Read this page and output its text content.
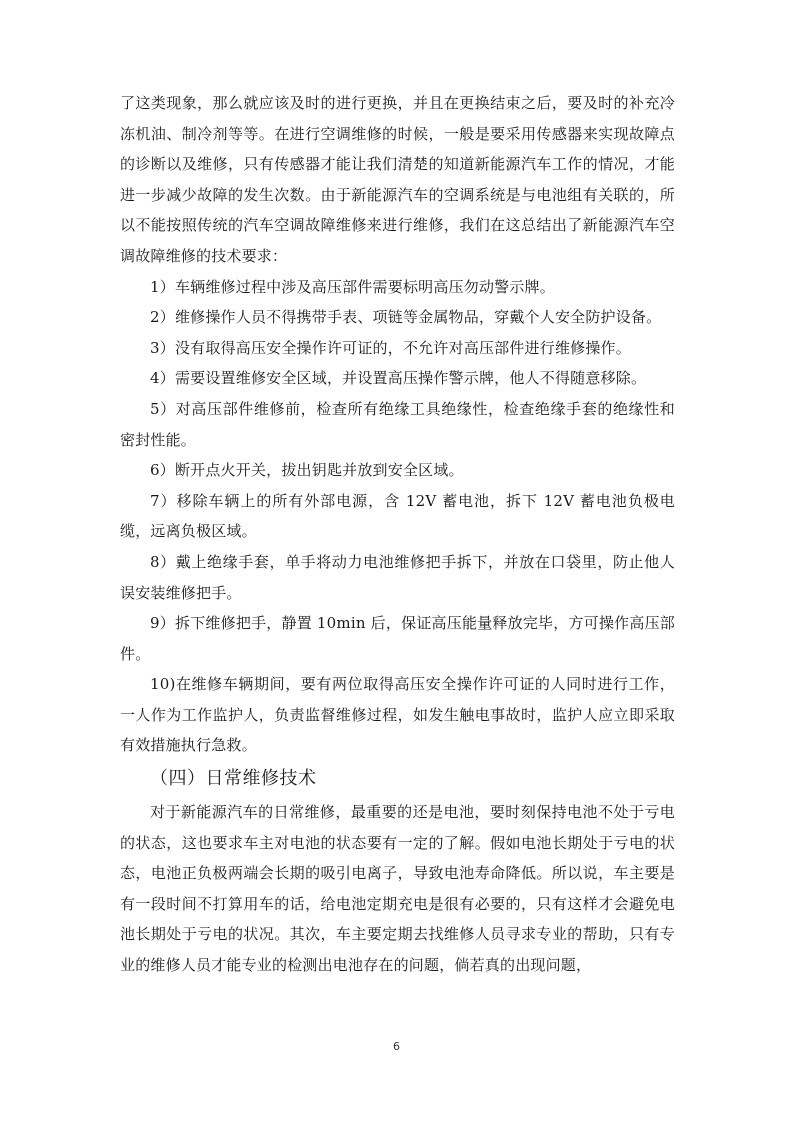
了这类现象，那么就应该及时的进行更换，并且在更换结束之后，要及时的补充冷冻机油、制冷剂等等。在进行空调维修的时候，一般是要采用传感器来实现故障点的诊断以及维修，只有传感器才能让我们清楚的知道新能源汽车工作的情况，才能进一步减少故障的发生次数。由于新能源汽车的空调系统是与电池组有关联的，所以不能按照传统的汽车空调故障维修来进行维修，我们在这总结出了新能源汽车空调故障维修的技术要求：

1）车辆维修过程中涉及高压部件需要标明高压勿动警示牌。

2）维修操作人员不得携带手表、项链等金属物品，穿戴个人安全防护设备。

3）没有取得高压安全操作许可证的，不允许对高压部件进行维修操作。

4）需要设置维修安全区域，并设置高压操作警示牌，他人不得随意移除。

5）对高压部件维修前，检查所有绝缘工具绝缘性，检查绝缘手套的绝缘性和密封性能。

6）断开点火开关，拔出钥匙并放到安全区域。

7）移除车辆上的所有外部电源，含 12V 蓄电池，拆下 12V 蓄电池负极电缆，远离负极区域。

8）戴上绝缘手套，单手将动力电池维修把手拆下，并放在口袋里，防止他人误安装维修把手。

9）拆下维修把手，静置 10min 后，保证高压能量释放完毕，方可操作高压部件。

10)在维修车辆期间，要有两位取得高压安全操作许可证的人同时进行工作，一人作为工作监护人，负责监督维修过程，如发生触电事故时，监护人应立即采取有效措施执行急救。

（四）日常维修技术

对于新能源汽车的日常维修，最重要的还是电池，要时刻保持电池不处于亏电的状态，这也要求车主对电池的状态要有一定的了解。假如电池长期处于亏电的状态，电池正负极两端会长期的吸引电离子，导致电池寿命降低。所以说，车主要是有一段时间不打算用车的话，给电池定期充电是很有必要的，只有这样才会避免电池长期处于亏电的状况。其次，车主要定期去找维修人员寻求专业的帮助，只有专业的维修人员才能专业的检测出电池存在的问题，倘若真的出现问题，

6
